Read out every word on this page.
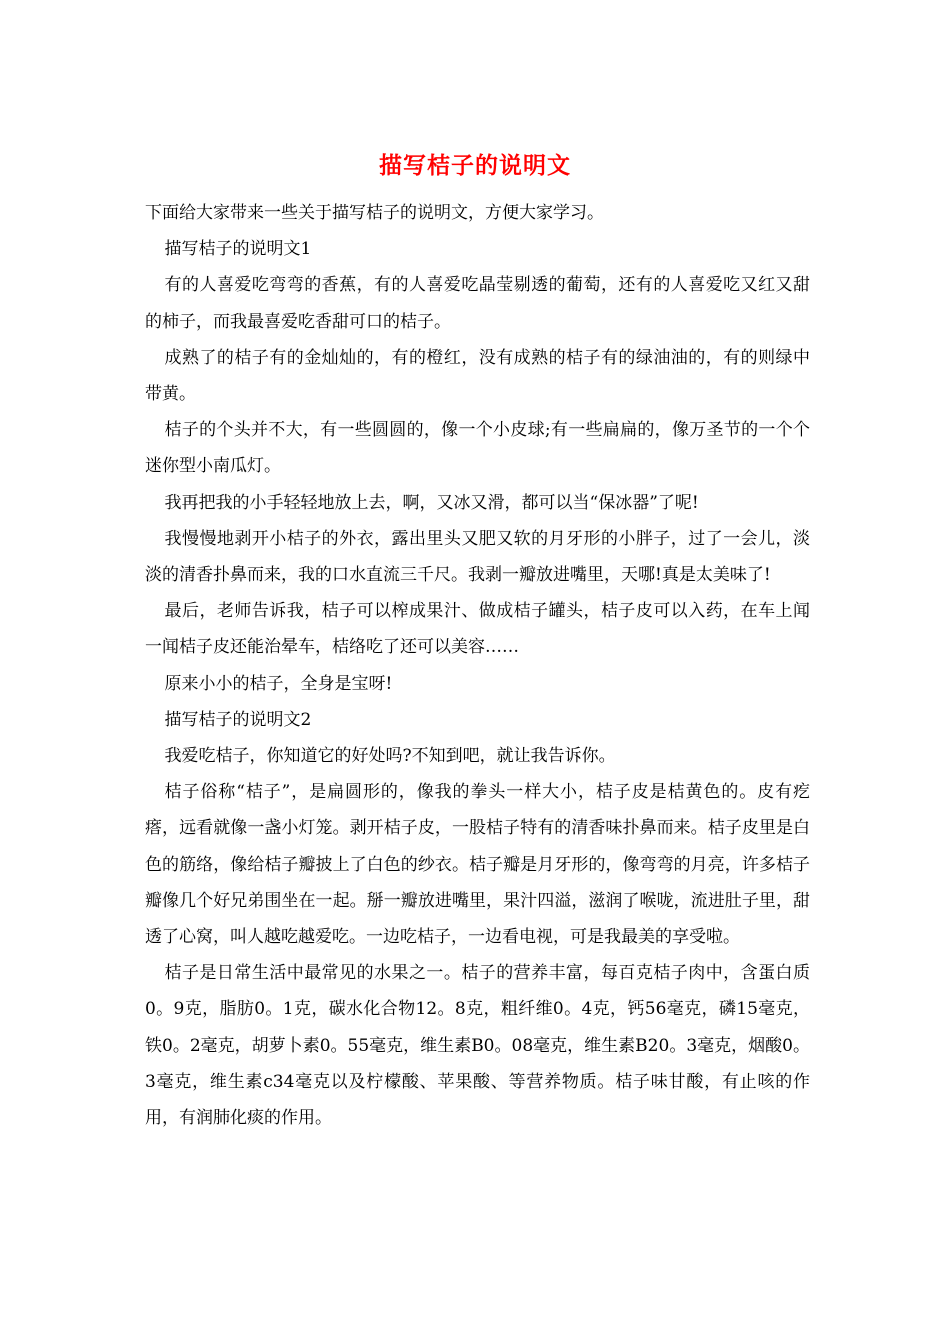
描写桔子的说明文

下面给大家带来一些关于描写桔子的说明文，方便大家学习。

描写桔子的说明文1

有的人喜爱吃弯弯的香蕉，有的人喜爱吃晶莹剔透的葡萄，还有的人喜爱吃又红又甜的柿子，而我最喜爱吃香甜可口的桔子。

成熟了的桔子有的金灿灿的，有的橙红，没有成熟的桔子有的绿油油的，有的则绿中带黄。

桔子的个头并不大，有一些圆圆的，像一个小皮球;有一些扁扁的，像万圣节的一个个迷你型小南瓜灯。

我再把我的小手轻轻地放上去，啊，又冰又滑，都可以当“保冰器”了呢!

我慢慢地剥开小桔子的外衣，露出里头又肥又软的月牙形的小胖子，过了一会儿，淡淡的清香扑鼻而来，我的口水直流三千尺。我剥一瓣放进嘴里，天哪!真是太美味了!

最后，老师告诉我，桔子可以榨成果汁、做成桔子罐头，桔子皮可以入药，在车上闻一闻桔子皮还能治晕车，桔络吃了还可以美容……

原来小小的桔子，全身是宝呀!

描写桔子的说明文2

我爱吃桔子，你知道它的好处吗?不知到吧，就让我告诉你。

桔子俗称“桔子”，是扁圆形的，像我的拳头一样大小，桔子皮是桔黄色的。皮有疙瘩，远看就像一盏小灯笼。剥开桔子皮，一股桔子特有的清香味扑鼻而来。桔子皮里是白色的筋络，像给桔子瓣披上了白色的纱衣。桔子瓣是月牙形的，像弯弯的月亮，许多桔子瓣像几个好兄弟围坐在一起。掰一瓣放进嘴里，果汁四溢，滋润了喉咙，流进肚子里，甜透了心窝，叫人越吃越爱吃。一边吃桔子，一边看电视，可是我最美的享受啦。

桔子是日常生活中最常见的水果之一。桔子的营养丰富，每百克桔子肉中，含蛋白质0。9克，脂肪0。1克，碳水化合物12。8克，粗纤维0。4克，钙56毫克，磷15毫克，铁0。2毫克，胡萝卜素0。55毫克，维生素B0。08毫克，维生素B20。3毫克，烟酸0。3毫克，维生素c34毫克以及柠檬酸、苹果酸、等营养物质。桔子味甘酸，有止咳的作用，有润肺化痰的作用。
